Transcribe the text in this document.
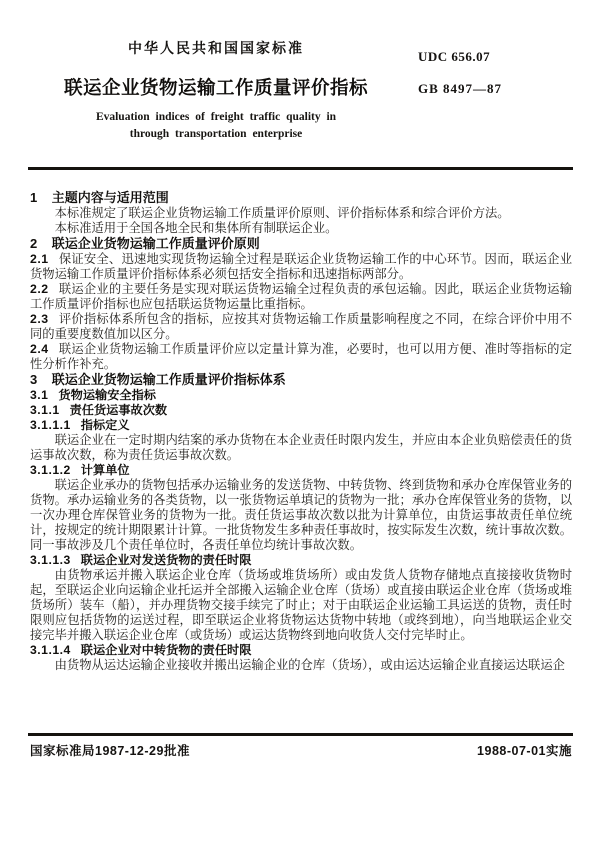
中华人民共和国国家标准
UDC 656.07
联运企业货物运输工作质量评价指标	GB 8497—87
Evaluation indices of freight traffic quality in
through transportation enterprise

1 主题内容与适用范围

本标准规定了联运企业货物运输工作质量评价原则、评价指标体系和综合评价方法。

本标准适用于全国各地全民和集体所有制联运企业。

2 联运企业货物运输工作质量评价原则

2.1 保证安全、迅速地实现货物运输全过程是联运企业货物运输工作的中心环节。因而，联运企业货物运输工作质量评价指标体系必须包括安全指标和迅速指标两部分。

2.2 联运企业的主要任务是实现对联运货物运输全过程负责的承包运输。因此，联运企业货物运输工作质量评价指标也应包括联运货物运量比重指标。

2.3 评价指标体系所包含的指标，应按其对货物运输工作质量影响程度之不同，在综合评价中用不同的重要度数值加以区分。

2.4 联运企业货物运输工作质量评价应以定量计算为准，必要时，也可以用方便、准时等指标的定性分析作补充。

3 联运企业货物运输工作质量评价指标体系

3.1 货物运输安全指标

3.1.1 责任货运事故次数

3.1.1.1 指标定义

联运企业在一定时期内结案的承办货物在本企业责任时限内发生，并应由本企业负赔偿责任的货运事故次数，称为责任货运事故次数。

3.1.1.2 计算单位

联运企业承办的货物包括承办运输业务的发送货物、中转货物、终到货物和承办仓库保管业务的货物。承办运输业务的各类货物，以一张货物运单填记的货物为一批；承办仓库保管业务的货物，以一次办理仓库保管业务的货物为一批。责任货运事故次数以批为计算单位，由货运事故责任单位统计，按规定的统计期限累计计算。一批货物发生多种责任事故时，按实际发生次数，统计事故次数。同一事故涉及几个责任单位时，各责任单位均统计事故次数。

3.1.1.3 联运企业对发送货物的责任时限

由货物承运并搬入联运企业仓库（货场或堆货场所）或由发货人货物存储地点直接接收货物时起，至联运企业向运输企业托运并全部搬入运输企业仓库（货场）或直接由联运企业仓库（货场或堆货场所）装车（船），并办理货物交接手续完了时止；对于由联运企业运输工具运送的货物，责任时限则应包括货物的运送过程，即至联运企业将货物运达货物中转地（或终到地），向当地联运企业交接完毕并搬入联运企业仓库（或货场）或运达货物终到地向收货人交付完毕时止。

3.1.1.4 联运企业对中转货物的责任时限

由货物从运达运输企业接收并搬出运输企业的仓库（货场），或由运达运输企业直接运达联运企

国家标准局1987-12-29批准	1988-07-01实施
